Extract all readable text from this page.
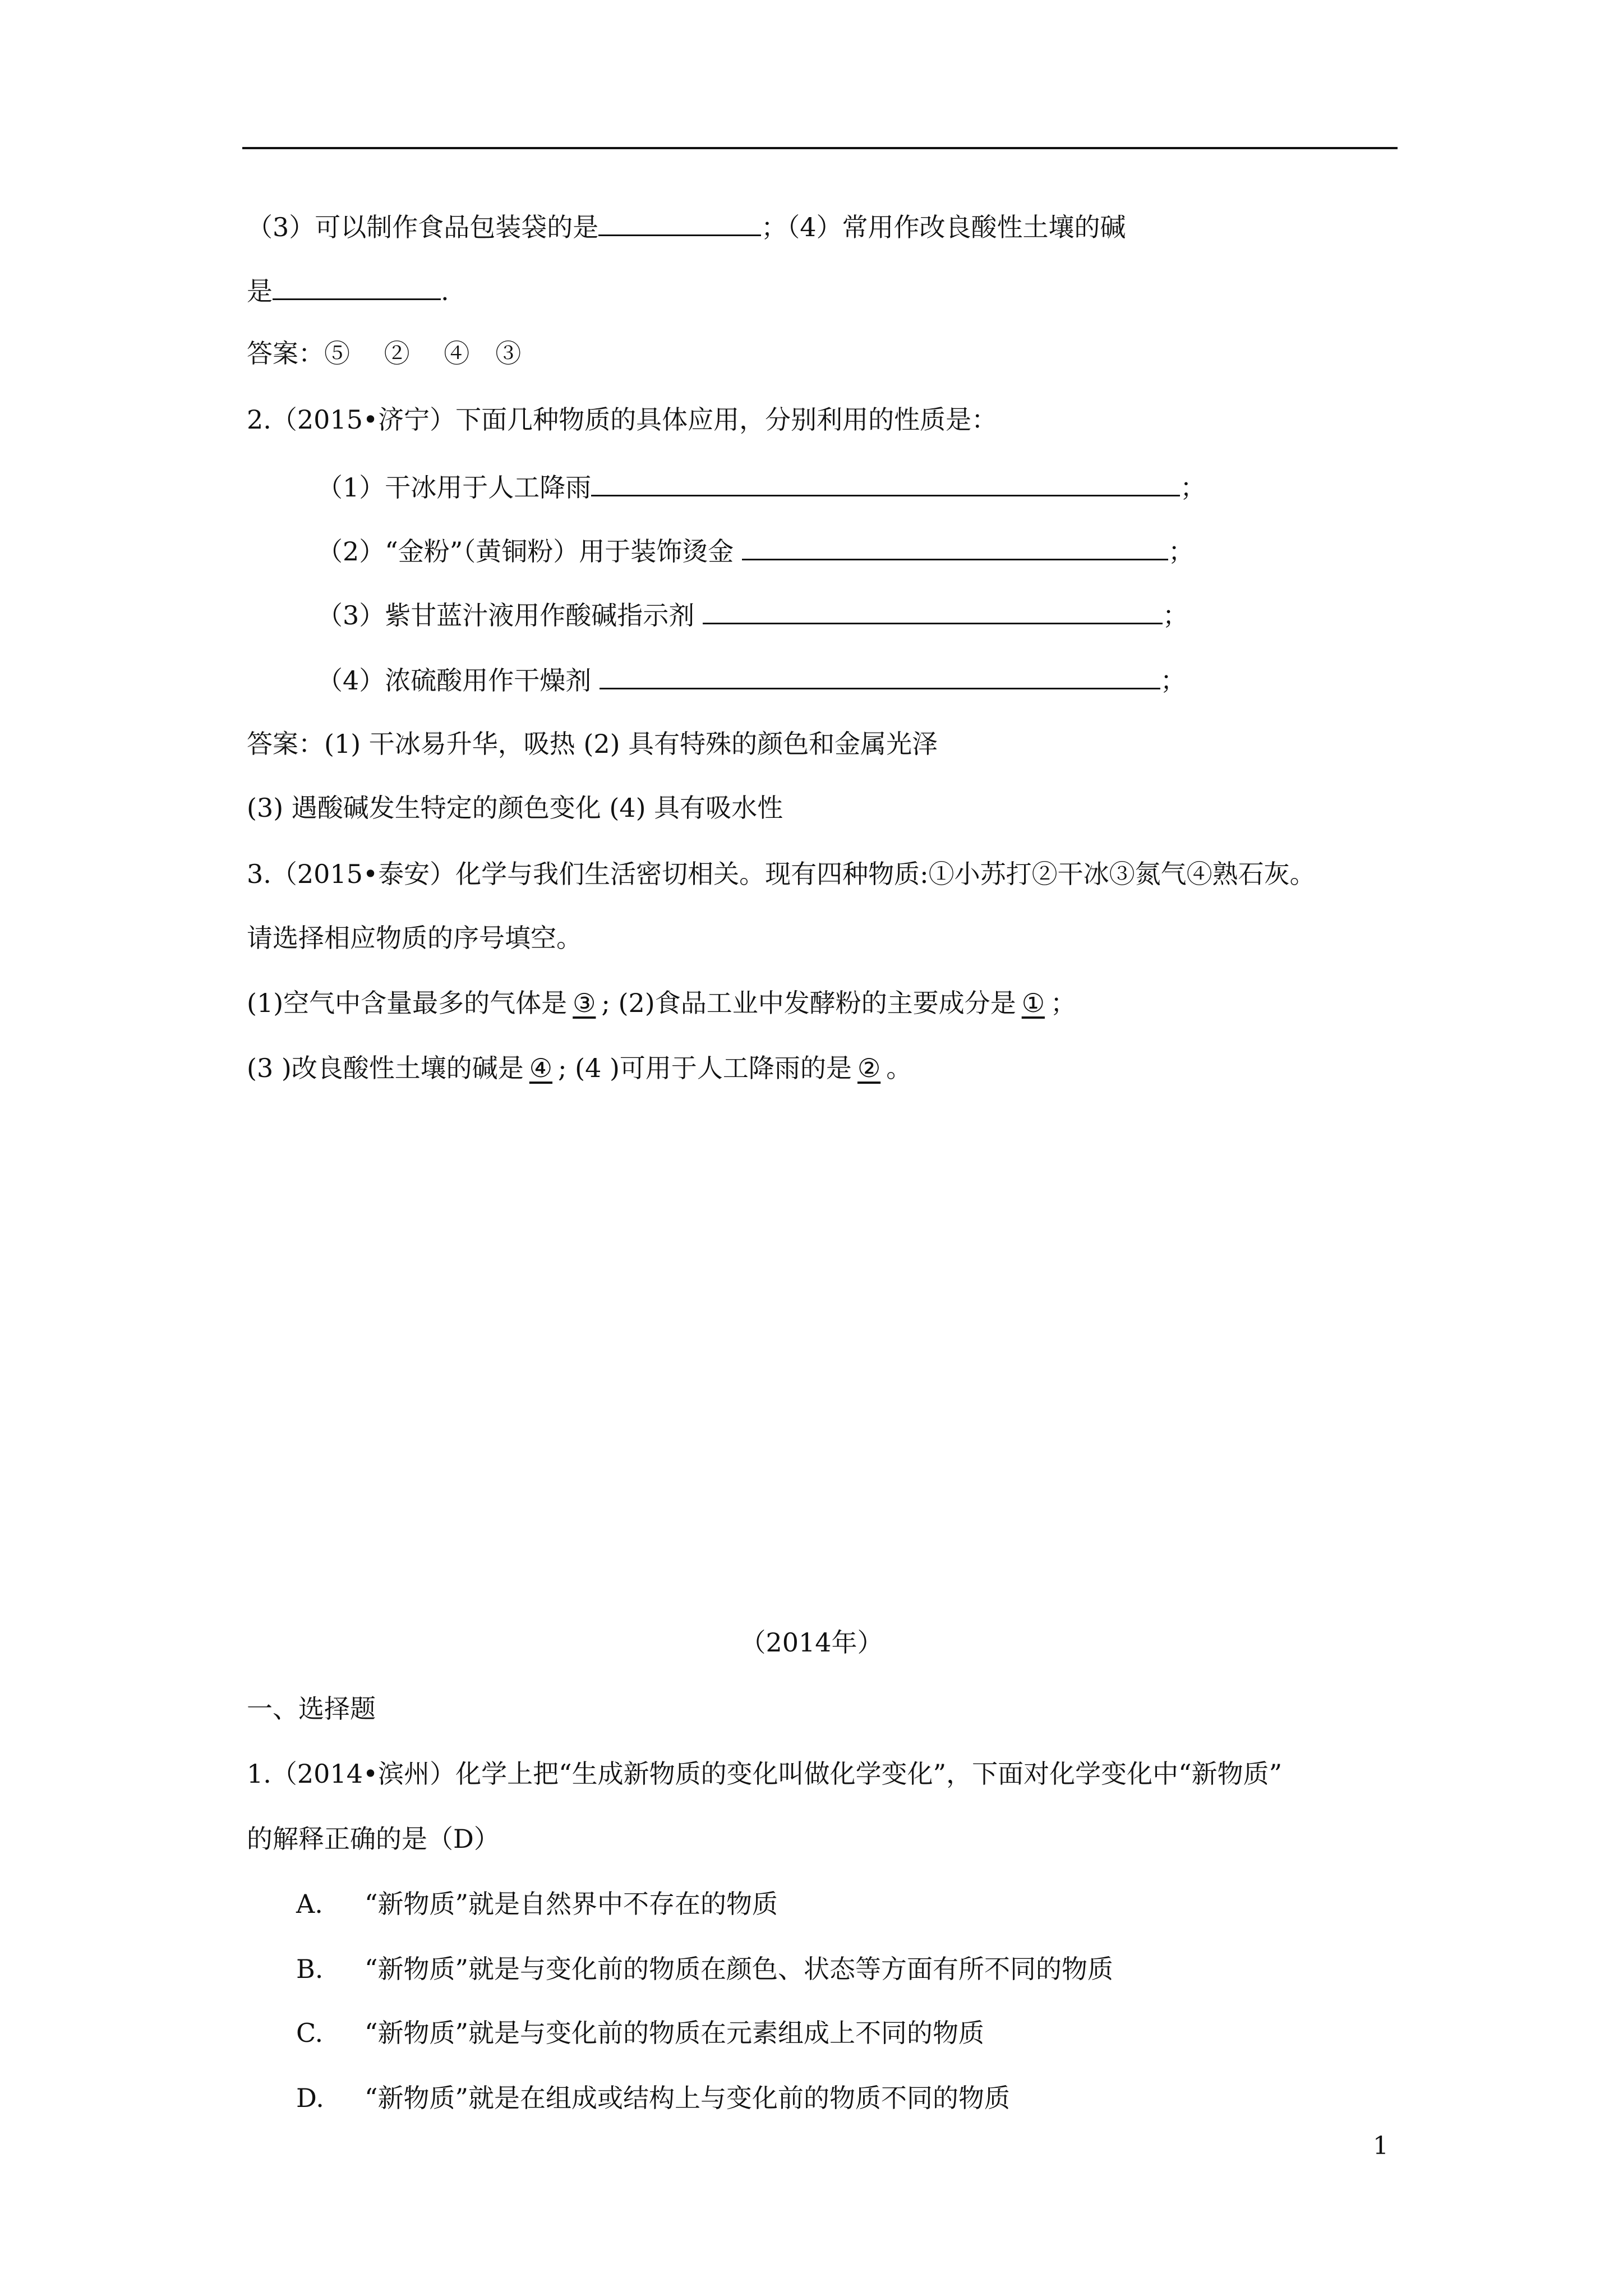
（3）可以制作食品包装袋的是	；（4）常用作改良酸性土壤的碱
是	.
答案：⑤　 ②　 ④　③
2.（2015•济宁）下面几种物质的具体应用，分别利用的性质是：
（1）干冰用于人工降雨	；
（2）“金粉”（黄铜粉）用于装饰烫金	；
（3）紫甘蓝汁液用作酸碱指示剂	；
（4）浓硫酸用作干燥剂	；
答案：(1) 干冰易升华，吸热 (2) 具有特殊的颜色和金属光泽
(3) 遇酸碱发生特定的颜色变化 (4) 具有吸水性
3.（2015•泰安）化学与我们生活密切相关。现有四种物质:①小苏打②干冰③氮气④熟石灰。
请选择相应物质的序号填空。
(1)空气中含量最多的气体是 ③ ; (2)食品工业中发酵粉的主要成分是 ① ；
(3 )改良酸性土壤的碱是 ④ ; (4 )可用于人工降雨的是 ② 。
（2014年）
一、选择题
1.（2014•滨州）化学上把“生成新物质的变化叫做化学变化”，下面对化学变化中“新物质”
的解释正确的是（D）
A. “新物质”就是自然界中不存在的物质
B. “新物质”就是与变化前的物质在颜色、状态等方面有所不同的物质
C. “新物质”就是与变化前的物质在元素组成上不同的物质
D. “新物质”就是在组成或结构上与变化前的物质不同的物质
1
